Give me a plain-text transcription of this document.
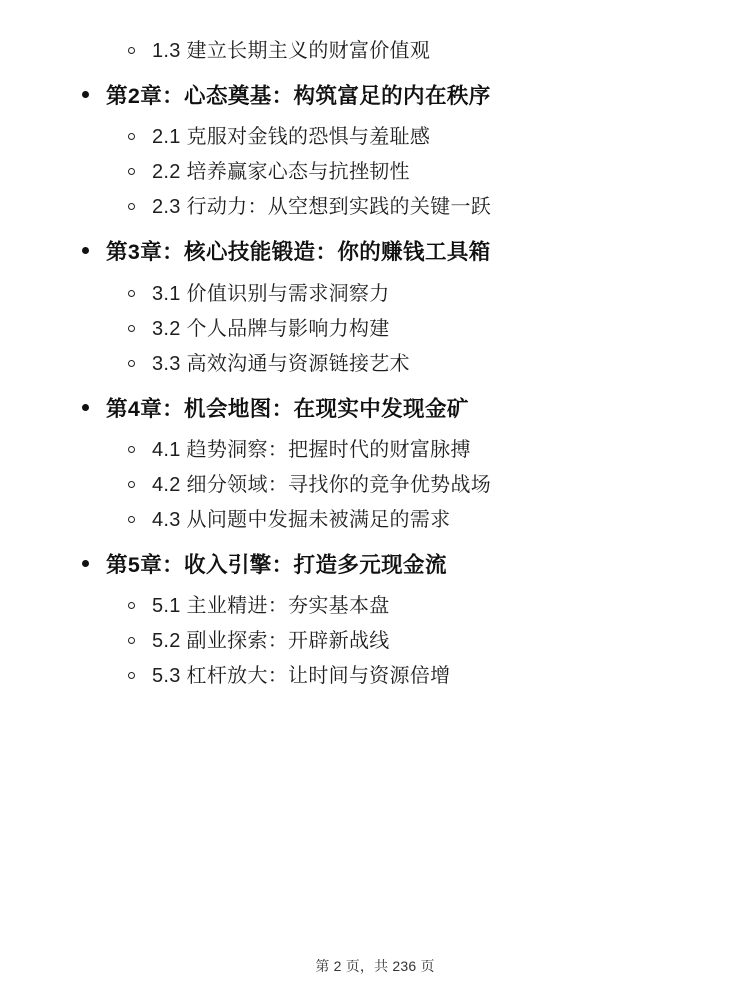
1.3 建立长期主义的财富价值观
第2章：心态奠基：构筑富足的内在秩序
2.1 克服对金钱的恐惧与羞耻感
2.2 培养赢家心态与抗挫韧性
2.3 行动力：从空想到实践的关键一跃
第3章：核心技能锻造：你的赚钱工具箱
3.1 价值识别与需求洞察力
3.2 个人品牌与影响力构建
3.3 高效沟通与资源链接艺术
第4章：机会地图：在现实中发现金矿
4.1 趋势洞察：把握时代的财富脉搏
4.2 细分领域：寻找你的竞争优势战场
4.3 从问题中发掘未被满足的需求
第5章：收入引擎：打造多元现金流
5.1 主业精进：夯实基本盘
5.2 副业探索：开辟新战线
5.3 杠杆放大：让时间与资源倍增
第 2 页，共 236 页
